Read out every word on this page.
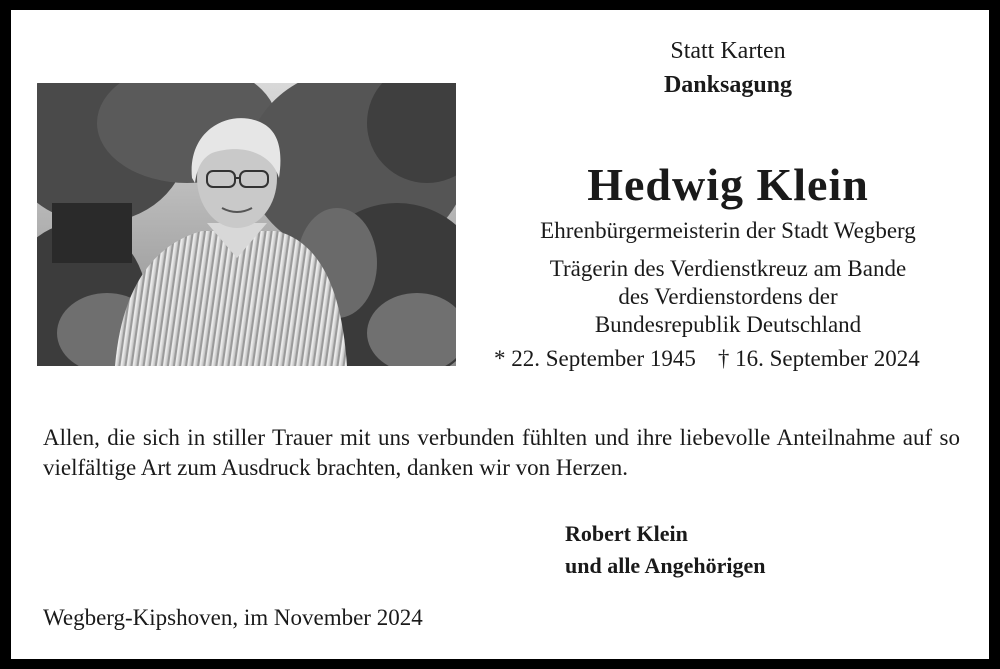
Statt Karten
Danksagung
Hedwig Klein
Ehrenbürgermeisterin der Stadt Wegberg
Trägerin des Verdienstkreuz am Bande
des Verdienstordens der
Bundesrepublik Deutschland
* 22. September 1945 † 16. September 2024
Allen, die sich in stiller Trauer mit uns verbunden fühlten und ihre liebevolle Anteilnahme auf so vielfältige Art zum Ausdruck brachten, danken wir von Herzen.
Robert Klein
und alle Angehörigen
Wegberg-Kipshoven, im November 2024
